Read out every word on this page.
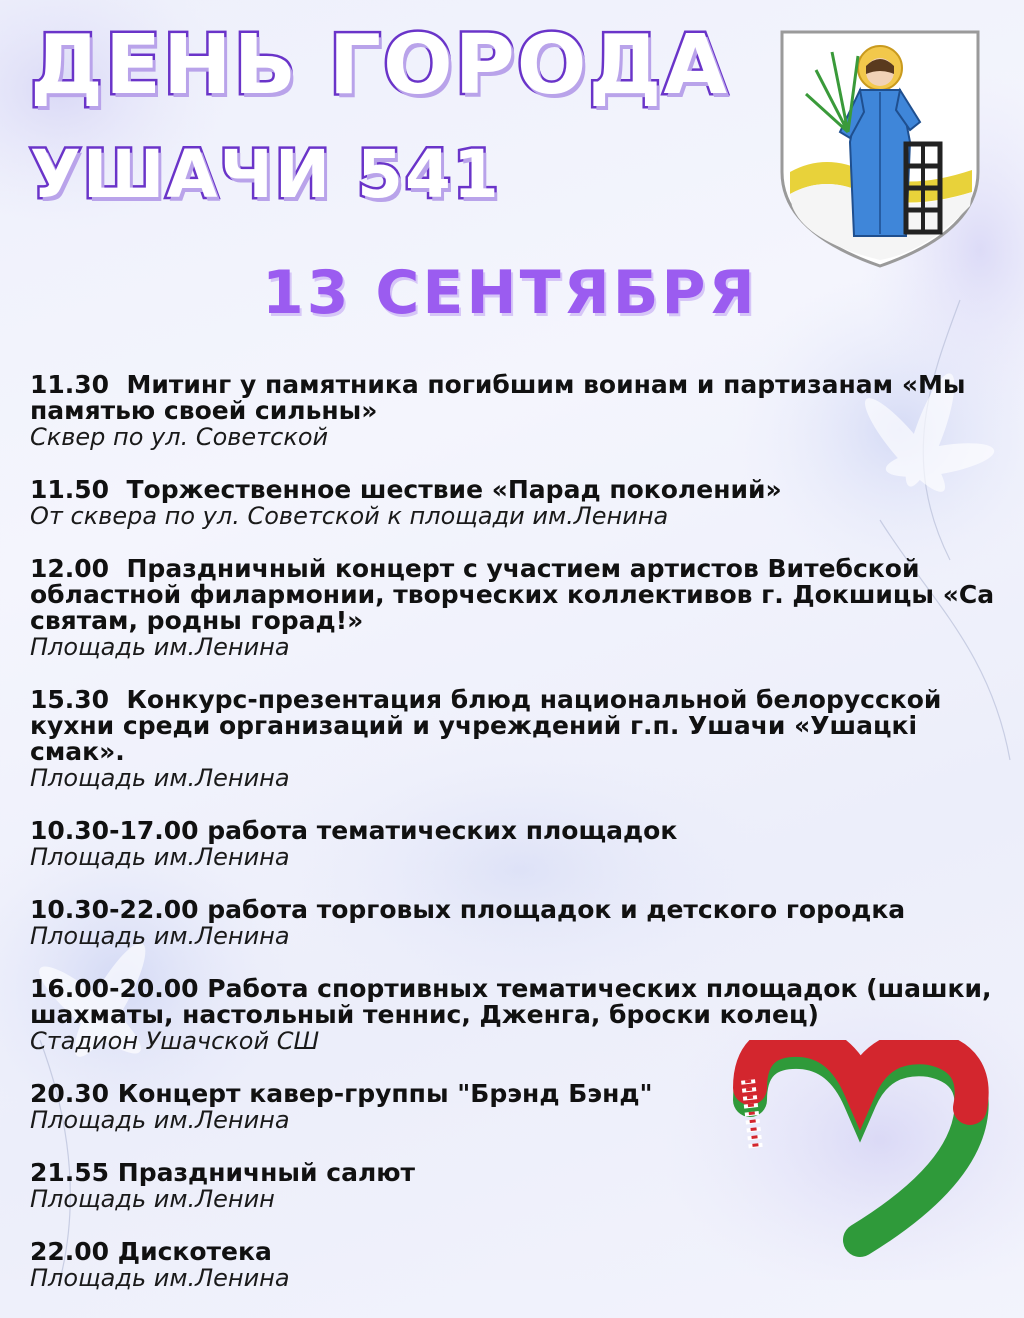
ДЕНЬ ГОРОДА
УШАЧИ 541
13 СЕНТЯБРЯ

11.30 Митинг у памятника погибшим воинам и партизанам «Мы памятью своей сильны»

Сквер по ул. Советской

11.50 Торжественное шествие «Парад поколений»

От сквера по ул. Советской к площади им.Ленина

12.00 Праздничный концерт с участием артистов Витебской областной филармонии, творческих коллективов г. Докшицы «Са святам, родны горад!»

Площадь им.Ленина

15.30 Конкурс-презентация блюд национальной белорусской кухни среди организаций и учреждений г.п. Ушачи «Ушацкі смак».

Площадь им.Ленина

10.30-17.00 работа тематических площадок

Площадь им.Ленина

10.30-22.00 работа торговых площадок и детского городка

Площадь им.Ленина

16.00-20.00 Работа спортивных тематических площадок (шашки, шахматы, настольный теннис, Дженга, броски колец)

Стадион Ушачской СШ

20.30 Концерт кавер-группы "Брэнд Бэнд"

Площадь им.Ленина

21.55 Праздничный салют

Площадь им.Ленин

22.00 Дискотека

Площадь им.Ленина
